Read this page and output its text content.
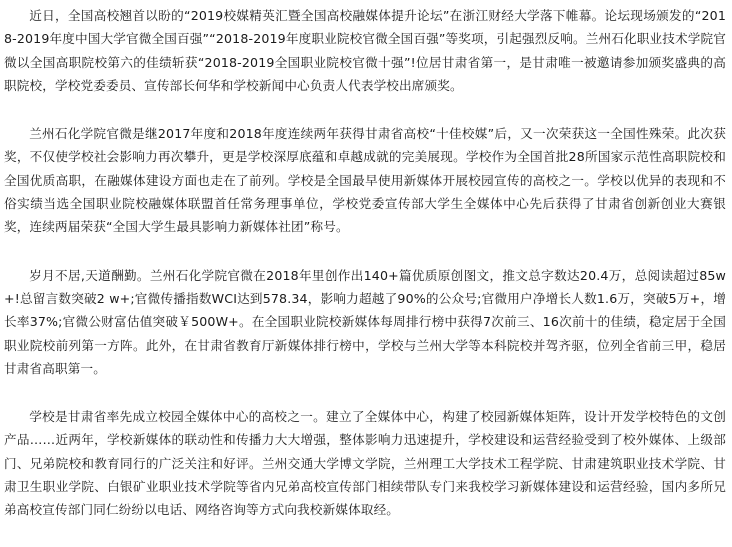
近日，全国高校翘首以盼的“2019校媒精英汇暨全国高校融媒体提升论坛”在浙江财经大学落下帷幕。论坛现场颁发的“2018-2019年度中国大学官微全国百强”“2018-2019年度职业院校官微全国百强”等奖项，引起强烈反响。兰州石化职业技术学院官微以全国高职院校第六的佳绩斩获“2018-2019全国职业院校官微十强”!位居甘肃省第一，是甘肃唯一被邀请参加颁奖盛典的高职院校，学校党委委员、宣传部长何华和学校新闻中心负责人代表学校出席颁奖。

兰州石化学院官微是继2017年度和2018年度连续两年获得甘肃省高校“十佳校媒”后，又一次荣获这一全国性殊荣。此次获奖，不仅使学校社会影响力再次攀升，更是学校深厚底蕴和卓越成就的完美展现。学校作为全国首批28所国家示范性高职院校和全国优质高职，在融媒体建设方面也走在了前列。学校是全国最早使用新媒体开展校园宣传的高校之一。学校以优异的表现和不俗实绩当选全国职业院校融媒体联盟首任常务理事单位，学校党委宣传部大学生全媒体中心先后获得了甘肃省创新创业大赛银奖，连续两届荣获“全国大学生最具影响力新媒体社团”称号。

岁月不居,天道酬勤。兰州石化学院官微在2018年里创作出140+篇优质原创图文，推文总字数达20.4万，总阅读超过85w+!总留言数突破2 w+;官微传播指数WCI达到578.34，影响力超越了90%的公众号;官微用户净增长人数1.6万，突破5万+，增长率37%;官微公财富估值突破￥500W+。在全国职业院校新媒体每周排行榜中获得7次前三、16次前十的佳绩，稳定居于全国职业院校前列第一方阵。此外，在甘肃省教育厅新媒体排行榜中，学校与兰州大学等本科院校并驾齐驱，位列全省前三甲，稳居甘肃省高职第一。

学校是甘肃省率先成立校园全媒体中心的高校之一。建立了全媒体中心，构建了校园新媒体矩阵，设计开发学校特色的文创产品……近两年，学校新媒体的联动性和传播力大大增强，整体影响力迅速提升，学校建设和运营经验受到了校外媒体、上级部门、兄弟院校和教育同行的广泛关注和好评。兰州交通大学博文学院，兰州理工大学技术工程学院、甘肃建筑职业技术学院、甘肃卫生职业学院、白银矿业职业技术学院等省内兄弟高校宣传部门相续带队专门来我校学习新媒体建设和运营经验，国内多所兄弟高校宣传部门同仁纷纷以电话、网络咨询等方式向我校新媒体取经。
